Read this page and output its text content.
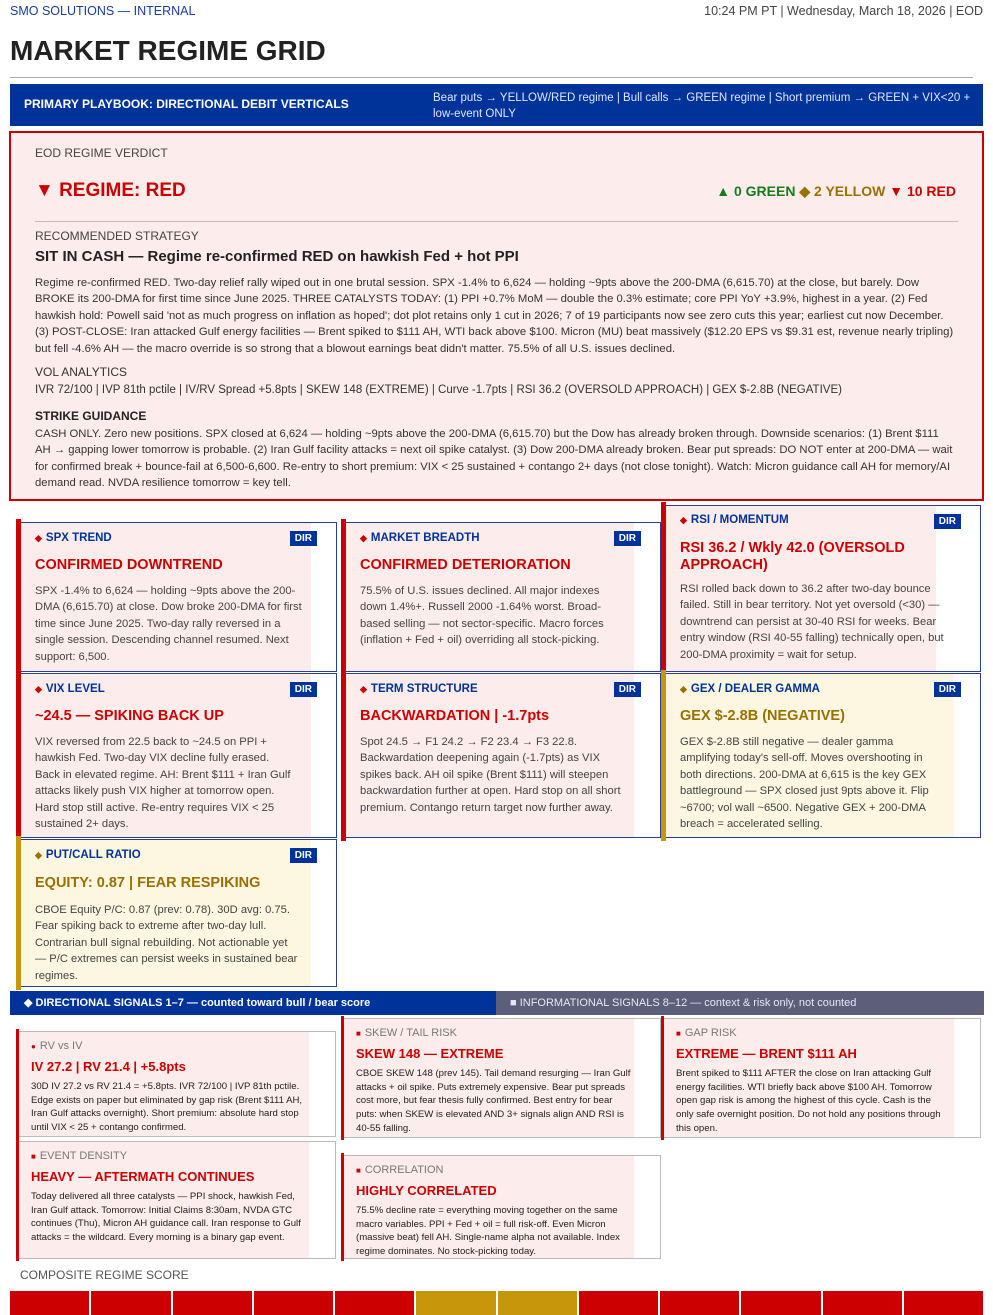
SMO SOLUTIONS — INTERNAL	10:24 PM PT | Wednesday, March 18, 2026 | EOD
MARKET REGIME GRID
PRIMARY PLAYBOOK: DIRECTIONAL DEBIT VERTICALS	Bear puts → YELLOW/RED regime | Bull calls → GREEN regime | Short premium → GREEN + VIX<20 + low-event ONLY
EOD REGIME VERDICT
▼ REGIME: RED	▲ 0 GREEN ◆ 2 YELLOW ▼ 10 RED
RECOMMENDED STRATEGY
SIT IN CASH — Regime re-confirmed RED on hawkish Fed + hot PPI
Regime re-confirmed RED. Two-day relief rally wiped out in one brutal session. SPX -1.4% to 6,624 — holding ~9pts above the 200-DMA (6,615.70) at the close, but barely. Dow BROKE its 200-DMA for first time since June 2025. THREE CATALYSTS TODAY: (1) PPI +0.7% MoM — double the 0.3% estimate; core PPI YoY +3.9%, highest in a year. (2) Fed hawkish hold: Powell said 'not as much progress on inflation as hoped'; dot plot retains only 1 cut in 2026; 7 of 19 participants now see zero cuts this year; earliest cut now December. (3) POST-CLOSE: Iran attacked Gulf energy facilities — Brent spiked to $111 AH, WTI back above $100. Micron (MU) beat massively ($12.20 EPS vs $9.31 est, revenue nearly tripling) but fell -4.6% AH — the macro override is so strong that a blowout earnings beat didn't matter. 75.5% of all U.S. issues declined.
VOL ANALYTICS
IVR 72/100 | IVP 81th pctile | IV/RV Spread +5.8pts | SKEW 148 (EXTREME) | Curve -1.7pts | RSI 36.2 (OVERSOLD APPROACH) | GEX $-2.8B (NEGATIVE)
STRIKE GUIDANCE
CASH ONLY. Zero new positions. SPX closed at 6,624 — holding ~9pts above the 200-DMA (6,615.70) but the Dow has already broken through. Downside scenarios: (1) Brent $111 AH → gapping lower tomorrow is probable. (2) Iran Gulf facility attacks = next oil spike catalyst. (3) Dow 200-DMA already broken. Bear put spreads: DO NOT enter at 200-DMA — wait for confirmed break + bounce-fail at 6,500-6,600. Re-entry to short premium: VIX < 25 sustained + contango 2+ days (not close tonight). Watch: Micron guidance call AH for memory/AI demand read. NVDA resilience tomorrow = key tell.
◆ SPX TREND	DIR
CONFIRMED DOWNTREND
SPX -1.4% to 6,624 — holding ~9pts above the 200-DMA (6,615.70) at close. Dow broke 200-DMA for first time since June 2025. Two-day rally reversed in a single session. Descending channel resumed. Next support: 6,500.
◆ MARKET BREADTH	DIR
CONFIRMED DETERIORATION
75.5% of U.S. issues declined. All major indexes down 1.4%+. Russell 2000 -1.64% worst. Broad-based selling — not sector-specific. Macro forces (inflation + Fed + oil) overriding all stock-picking.
◆ RSI / MOMENTUM	DIR
RSI 36.2 / Wkly 42.0 (OVERSOLD APPROACH)
RSI rolled back down to 36.2 after two-day bounce failed. Still in bear territory. Not yet oversold (<30) — downtrend can persist at 30-40 RSI for weeks. Bear entry window (RSI 40-55 falling) technically open, but 200-DMA proximity = wait for setup.
◆ VIX LEVEL	DIR
~24.5 — SPIKING BACK UP
VIX reversed from 22.5 back to ~24.5 on PPI + hawkish Fed. Two-day VIX decline fully erased. Back in elevated regime. AH: Brent $111 + Iran Gulf attacks likely push VIX higher at tomorrow open. Hard stop still active. Re-entry requires VIX < 25 sustained 2+ days.
◆ TERM STRUCTURE	DIR
BACKWARDATION | -1.7pts
Spot 24.5 → F1 24.2 → F2 23.4 → F3 22.8. Backwardation deepening again (-1.7pts) as VIX spikes back. AH oil spike (Brent $111) will steepen backwardation further at open. Hard stop on all short premium. Contango return target now further away.
◆ GEX / DEALER GAMMA	DIR
GEX $-2.8B (NEGATIVE)
GEX $-2.8B still negative — dealer gamma amplifying today's sell-off. Moves overshooting in both directions. 200-DMA at 6,615 is the key GEX battleground — SPX closed just 9pts above it. Flip ~6700; vol wall ~6500. Negative GEX + 200-DMA breach = accelerated selling.
◆ PUT/CALL RATIO	DIR
EQUITY: 0.87 | FEAR RESPIKING
CBOE Equity P/C: 0.87 (prev: 0.78). 30D avg: 0.75. Fear spiking back to extreme after two-day lull. Contrarian bull signal rebuilding. Not actionable yet — P/C extremes can persist weeks in sustained bear regimes.
◆ DIRECTIONAL SIGNALS 1–7 — counted toward bull / bear score	■ INFORMATIONAL SIGNALS 8–12 — context & risk only, not counted
● RV vs IV
IV 27.2 | RV 21.4 | +5.8pts
30D IV 27.2 vs RV 21.4 = +5.8pts. IVR 72/100 | IVP 81th pctile. Edge exists on paper but eliminated by gap risk (Brent $111 AH, Iran Gulf attacks overnight). Short premium: absolute hard stop until VIX < 25 + contango confirmed.
■ SKEW / TAIL RISK
SKEW 148 — EXTREME
CBOE SKEW 148 (prev 145). Tail demand resurging — Iran Gulf attacks + oil spike. Puts extremely expensive. Bear put spreads cost more, but fear thesis fully confirmed. Best entry for bear puts: when SKEW is elevated AND 3+ signals align AND RSI is 40-55 falling.
■ GAP RISK
EXTREME — BRENT $111 AH
Brent spiked to $111 AFTER the close on Iran attacking Gulf energy facilities. WTI briefly back above $100 AH. Tomorrow open gap risk is among the highest of this cycle. Cash is the only safe overnight position. Do not hold any positions through this open.
■ EVENT DENSITY
HEAVY — AFTERMATH CONTINUES
Today delivered all three catalysts — PPI shock, hawkish Fed, Iran Gulf attack. Tomorrow: Initial Claims 8:30am, NVDA GTC continues (Thu), Micron AH guidance call. Iran response to Gulf attacks = the wildcard. Every morning is a binary gap event.
■ CORRELATION
HIGHLY CORRELATED
75.5% decline rate = everything moving together on the same macro variables. PPI + Fed + oil = full risk-off. Even Micron (massive beat) fell AH. Single-name alpha not available. Index regime dominates. No stock-picking today.
COMPOSITE REGIME SCORE
